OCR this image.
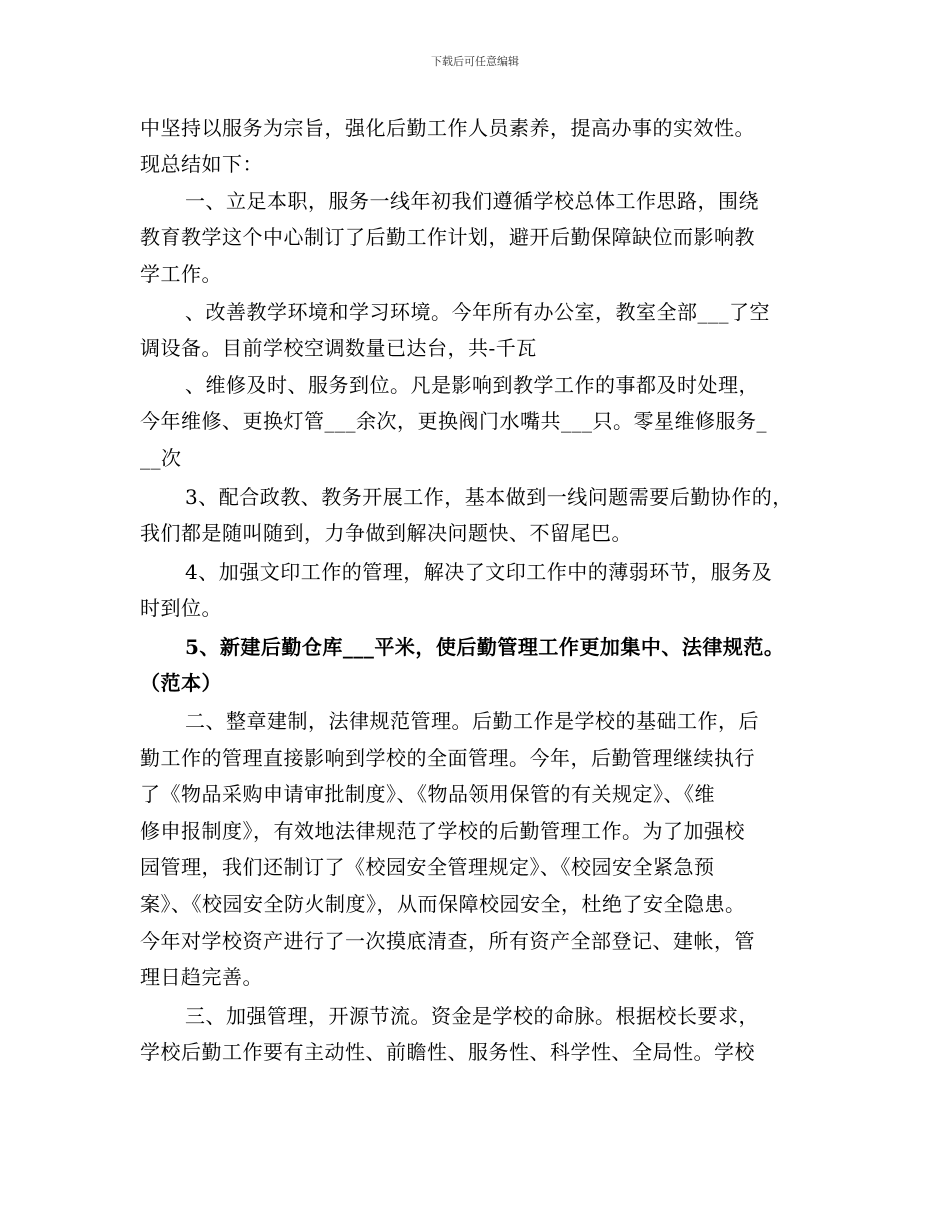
下载后可任意编辑
中坚持以服务为宗旨，强化后勤工作人员素养，提高办事的实效性。
现总结如下：
一、立足本职，服务一线年初我们遵循学校总体工作思路，围绕
教育教学这个中心制订了后勤工作计划，避开后勤保障缺位而影响教
学工作。
、改善教学环境和学习环境。今年所有办公室，教室全部___了空
调设备。目前学校空调数量已达台，共-千瓦
、维修及时、服务到位。凡是影响到教学工作的事都及时处理，
今年维修、更换灯管___余次，更换阀门水嘴共___只。零星维修服务_
__次
3、配合政教、教务开展工作，基本做到一线问题需要后勤协作的，
我们都是随叫随到，力争做到解决问题快、不留尾巴。
4、加强文印工作的管理，解决了文印工作中的薄弱环节，服务及
时到位。
5、新建后勤仓库___平米，使后勤管理工作更加集中、法律规范。
（范本）
二、整章建制，法律规范管理。后勤工作是学校的基础工作，后
勤工作的管理直接影响到学校的全面管理。今年，后勤管理继续执行
了《物品采购申请审批制度》、《物品领用保管的有关规定》、《维
修申报制度》，有效地法律规范了学校的后勤管理工作。为了加强校
园管理，我们还制订了《校园安全管理规定》、《校园安全紧急预
案》、《校园安全防火制度》，从而保障校园安全，杜绝了安全隐患。
今年对学校资产进行了一次摸底清查，所有资产全部登记、建帐，管
理日趋完善。
三、加强管理，开源节流。资金是学校的命脉。根据校长要求，
学校后勤工作要有主动性、前瞻性、服务性、科学性、全局性。学校
